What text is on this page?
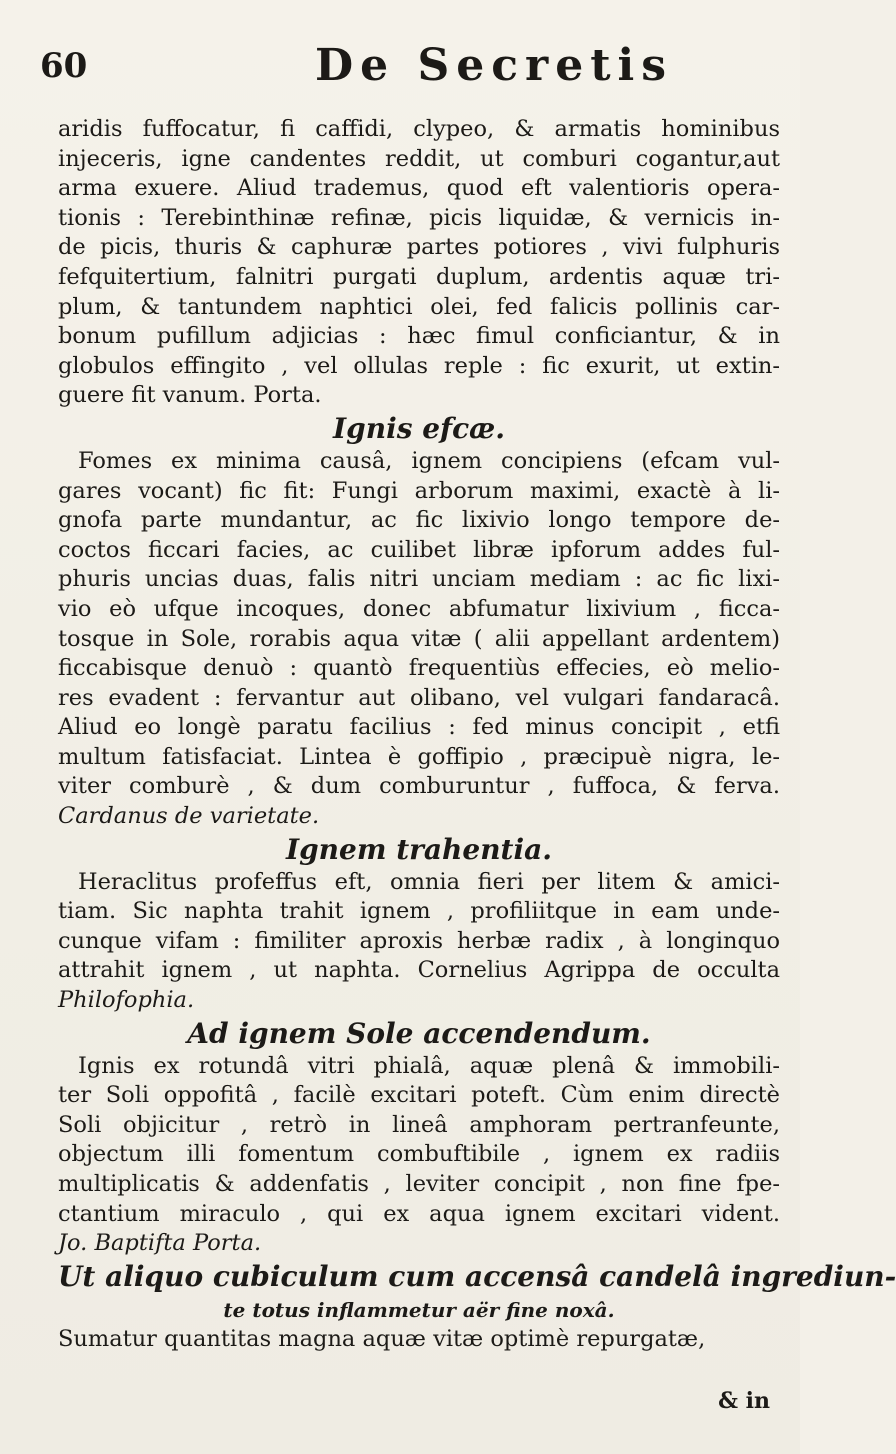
60	De Secretis
aridis fuffocatur, fi caffidi, clypeo, & armatis hominibus
injeceris, igne candentes reddit, ut comburi cogantur,aut
arma exuere. Aliud trademus, quod eft valentioris opera-
tionis : Terebinthinæ refinæ, picis liquidæ, & vernicis in-
de picis, thuris & caphuræ partes potiores , vivi fulphuris
fefquitertium, falnitri purgati duplum, ardentis aquæ tri-
plum, & tantundem naphtici olei, fed falicis pollinis car-
bonum pufillum adjicias : hæc fimul conficiantur, & in
globulos effingito , vel ollulas reple : fic exurit, ut extin-
guere fit vanum. Porta.
Ignis efcæ.
Fomes ex minima causâ, ignem concipiens (efcam vul-
gares vocant) fic fit: Fungi arborum maximi, exactè à li-
gnofa parte mundantur, ac fic lixivio longo tempore de-
coctos ficcari facies, ac cuilibet libræ ipforum addes ful-
phuris uncias duas, falis nitri unciam mediam : ac fic lixi-
vio eò ufque incoques, donec abfumatur lixivium , ficca-
tosque in Sole, rorabis aqua vitæ ( alii appellant ardentem)
ficcabisque denuò : quantò frequentiùs effecies, eò melio-
res evadent : fervantur aut olibano, vel vulgari fandaracâ.
Aliud eo longè paratu facilius : fed minus concipit , etfi
multum fatisfaciat. Lintea è goffipio , præcipuè nigra, le-
viter comburè , & dum comburuntur , fuffoca, & ferva.
Cardanus de varietate.
Ignem trahentia.
Heraclitus profeffus eft, omnia fieri per litem & amici-
tiam. Sic naphta trahit ignem , profiliitque in eam unde-
cunque vifam : fimiliter aproxis herbæ radix , à longinquo
attrahit ignem , ut naphta. Cornelius Agrippa de occulta
Philofophia.
Ad ignem Sole accendendum.
Ignis ex rotundâ vitri phialâ, aquæ plenâ & immobili-
ter Soli oppofitâ , facilè excitari poteft. Cùm enim directè
Soli objicitur , retrò in lineâ amphoram pertranfeunte,
objectum illi fomentum combuftibile , ignem ex radiis
multiplicatis & addenfatis , leviter concipit , non fine fpe-
ctantium miraculo , qui ex aqua ignem excitari vident.
Jo. Baptifta Porta.
Ut aliquo cubiculum cum accensâ candelâ ingrediun-
te totus inflammetur aër fine noxâ.
Sumatur quantitas magna aquæ vitæ optimè repurgatæ,
& in
